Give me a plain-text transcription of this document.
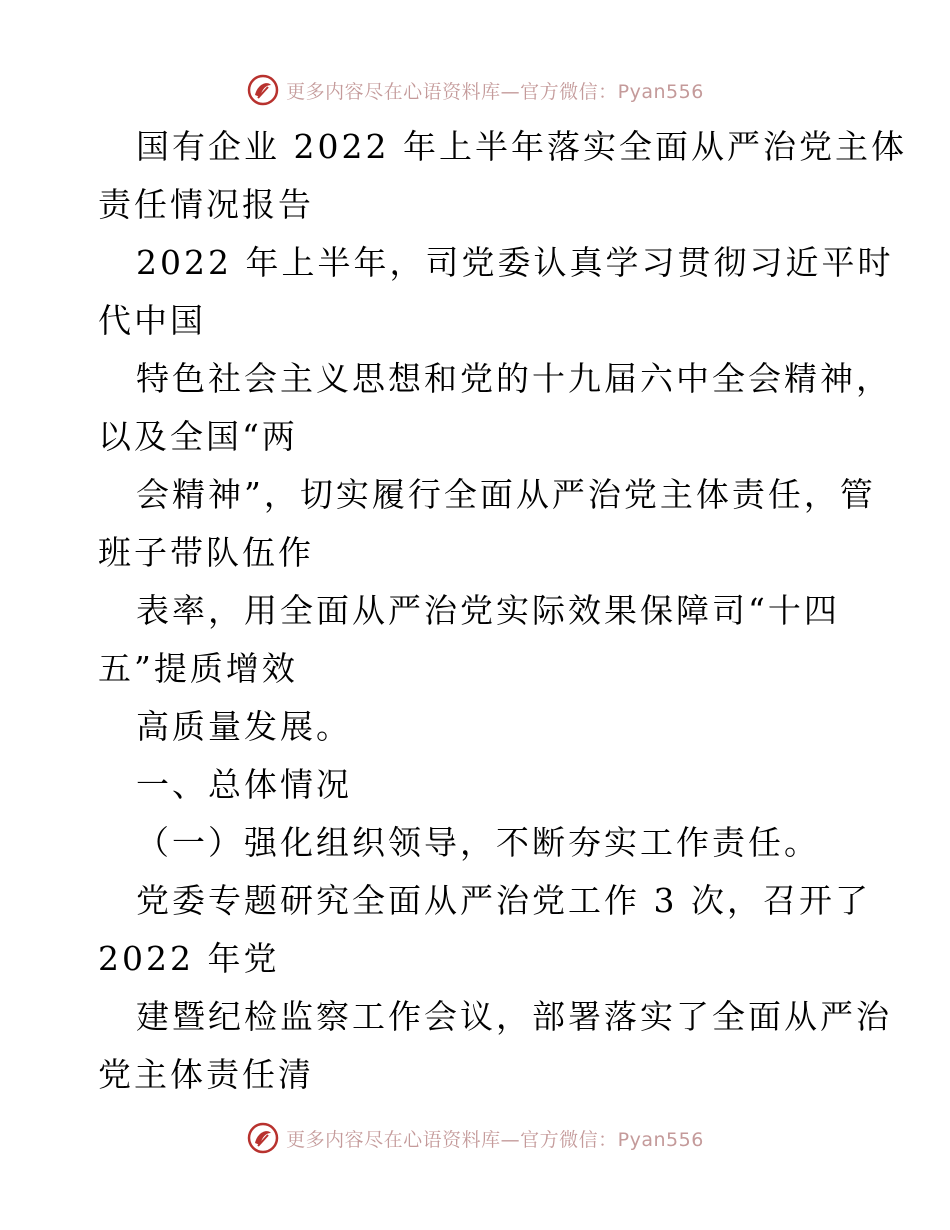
更多内容尽在心语资料库—官方微信：Pyan556
国有企业 2022 年上半年落实全面从严治党主体
责任情况报告
2022 年上半年，司党委认真学习贯彻习近平时
代中国
特色社会主义思想和党的十九届六中全会精神，
以及全国“两
会精神”，切实履行全面从严治党主体责任，管
班子带队伍作
表率，用全面从严治党实际效果保障司“十四
五”提质增效
高质量发展。
一、总体情况
（一）强化组织领导，不断夯实工作责任。
党委专题研究全面从严治党工作 3 次，召开了
2022 年党
建暨纪检监察工作会议，部署落实了全面从严治
党主体责任清
更多内容尽在心语资料库—官方微信：Pyan556
